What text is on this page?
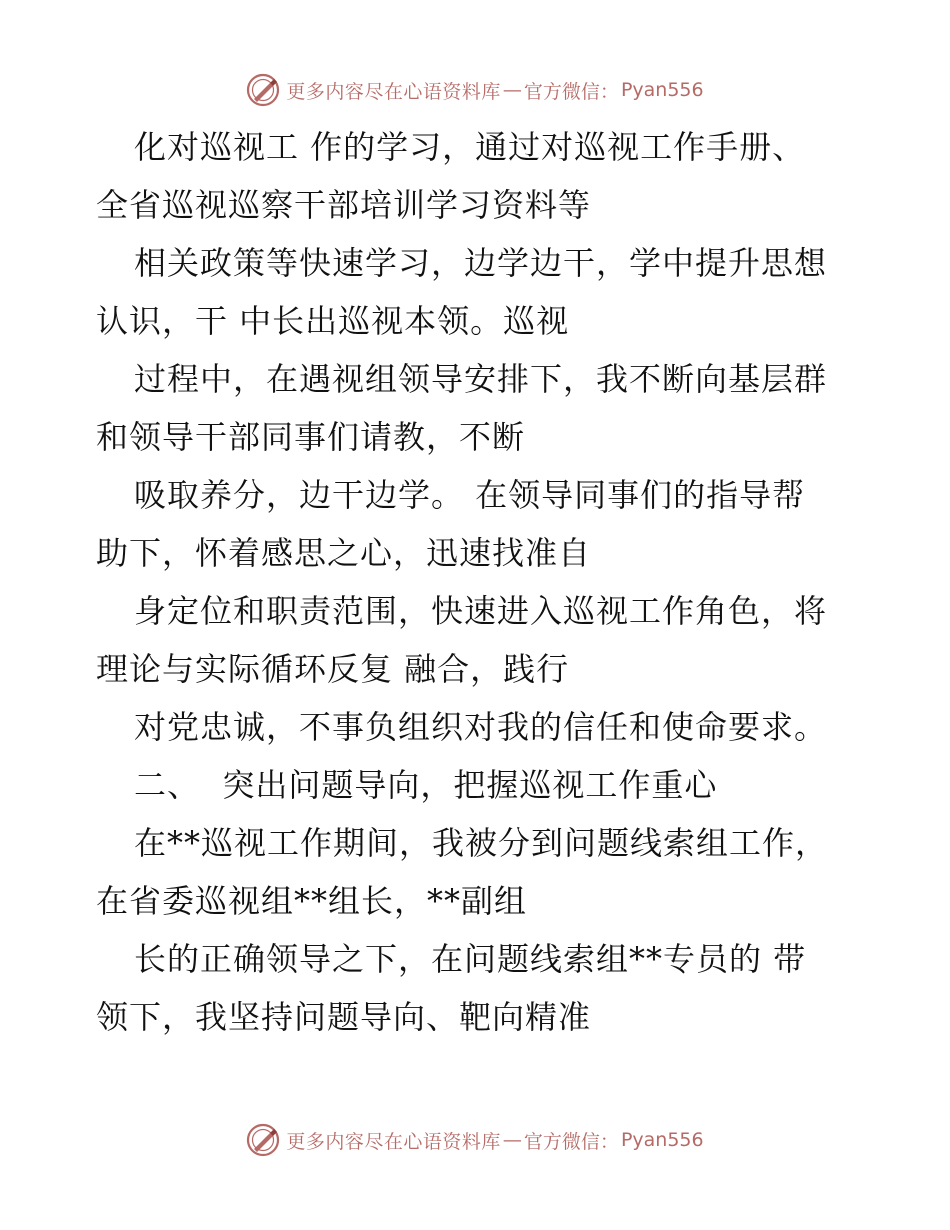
更多内容尽在心语资料库 — 官方微信： Pyan556
化对巡视工 作的学习，通过对巡视工作手册、
全省巡视巡察干部培训学习资料等
相关政策等快速学习，边学边干，学中提升思想
认识，干 中长出巡视本领。巡视
过程中，在遇视组领导安排下，我不断向基层群
和领导干部同事们请教，不断
吸取养分，边干边学。 在领导同事们的指导帮
助下，怀着感思之心，迅速找准自
身定位和职责范围，快速进入巡视工作角色，将
理论与实际循环反复 融合，践行
对党忠诚，不事负组织对我的信任和使命要求。
二、  突出问题导向，把握巡视工作重心
在**巡视工作期间，我被分到问题线索组工作，
在省委巡视组**组长，**副组
长的正确领导之下，在问题线索组**专员的 带
领下，我坚持问题导向、靶向精准
更多内容尽在心语资料库 — 官方微信： Pyan556
